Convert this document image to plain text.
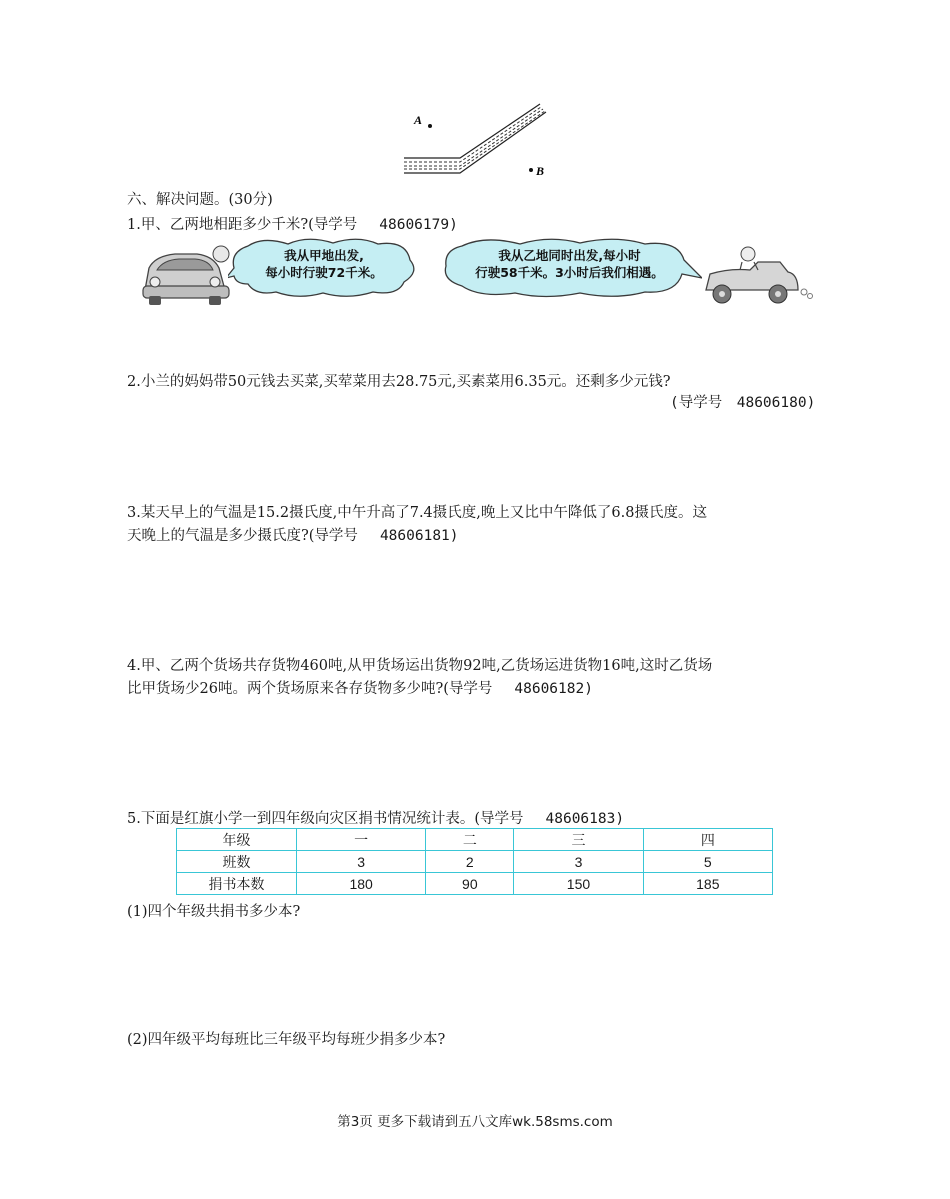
A
B
六、解决问题。(30分)
1.甲、乙两地相距多少千米?(导学号 48606179)
我从甲地出发,
每小时行驶72千米。
我从乙地同时出发,每小时
行驶58千米。3小时后我们相遇。
2.小兰的妈妈带50元钱去买菜,买荤菜用去28.75元,买素菜用6.35元。还剩多少元钱?
(导学号　48606180)
3.某天早上的气温是15.2摄氏度,中午升高了7.4摄氏度,晚上又比中午降低了6.8摄氏度。这
天晚上的气温是多少摄氏度?(导学号 48606181)
4.甲、乙两个货场共存货物460吨,从甲货场运出货物92吨,乙货场运进货物16吨,这时乙货场
比甲货场少26吨。两个货场原来各存货物多少吨?(导学号 48606182)
5.下面是红旗小学一到四年级向灾区捐书情况统计表。(导学号 48606183)
年级	一	二	三	四
班数	3	2	3	5
捐书本数	180	90	150	185
(1)四个年级共捐书多少本?
(2)四年级平均每班比三年级平均每班少捐多少本?
第3页 更多下载请到五八文库wk.58sms.com
